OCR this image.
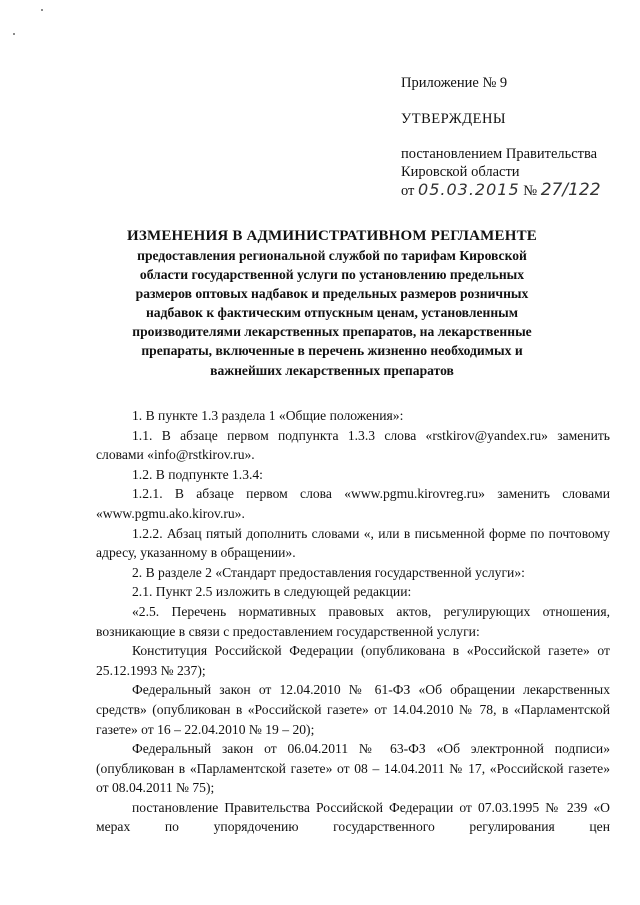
Приложение № 9
УТВЕРЖДЕНЫ
постановлением Правительства
Кировской области
от 05.03.2015 № 27/122
ИЗМЕНЕНИЯ В АДМИНИСТРАТИВНОМ РЕГЛАМЕНТЕ
предоставления региональной службой по тарифам Кировской
области государственной услуги по установлению предельных
размеров оптовых надбавок и предельных размеров розничных
надбавок к фактическим отпускным ценам, установленным
производителями лекарственных препаратов, на лекарственные
препараты, включенные в перечень жизненно необходимых и
важнейших лекарственных препаратов

1. В пункте 1.3 раздела 1 «Общие положения»:

1.1. В абзаце первом подпункта 1.3.3 слова «rstkirov@yandex.ru» заменить словами «info@rstkirov.ru».

1.2. В подпункте 1.3.4:

1.2.1. В абзаце первом слова «www.pgmu.kirovreg.ru» заменить словами «www.pgmu.ako.kirov.ru».

1.2.2. Абзац пятый дополнить словами «, или в письменной форме по почтовому адресу, указанному в обращении».

2. В разделе 2 «Стандарт предоставления государственной услуги»:

2.1. Пункт 2.5 изложить в следующей редакции:

«2.5. Перечень нормативных правовых актов, регулирующих отношения, возникающие в связи с предоставлением государственной услуги:

Конституция Российской Федерации (опубликована в «Российской газете» от 25.12.1993 № 237);

Федеральный закон от 12.04.2010 № 61-ФЗ «Об обращении лекарственных средств» (опубликован в «Российской газете» от 14.04.2010 № 78, в «Парламентской газете» от 16 – 22.04.2010 № 19 – 20);

Федеральный закон от 06.04.2011 № 63-ФЗ «Об электронной подписи» (опубликован в «Парламентской газете» от 08 – 14.04.2011 № 17, «Российской газете» от 08.04.2011 № 75);

постановление Правительства Российской Федерации от 07.03.1995 № 239 «О мерах по упорядочению государственного регулирования цен
